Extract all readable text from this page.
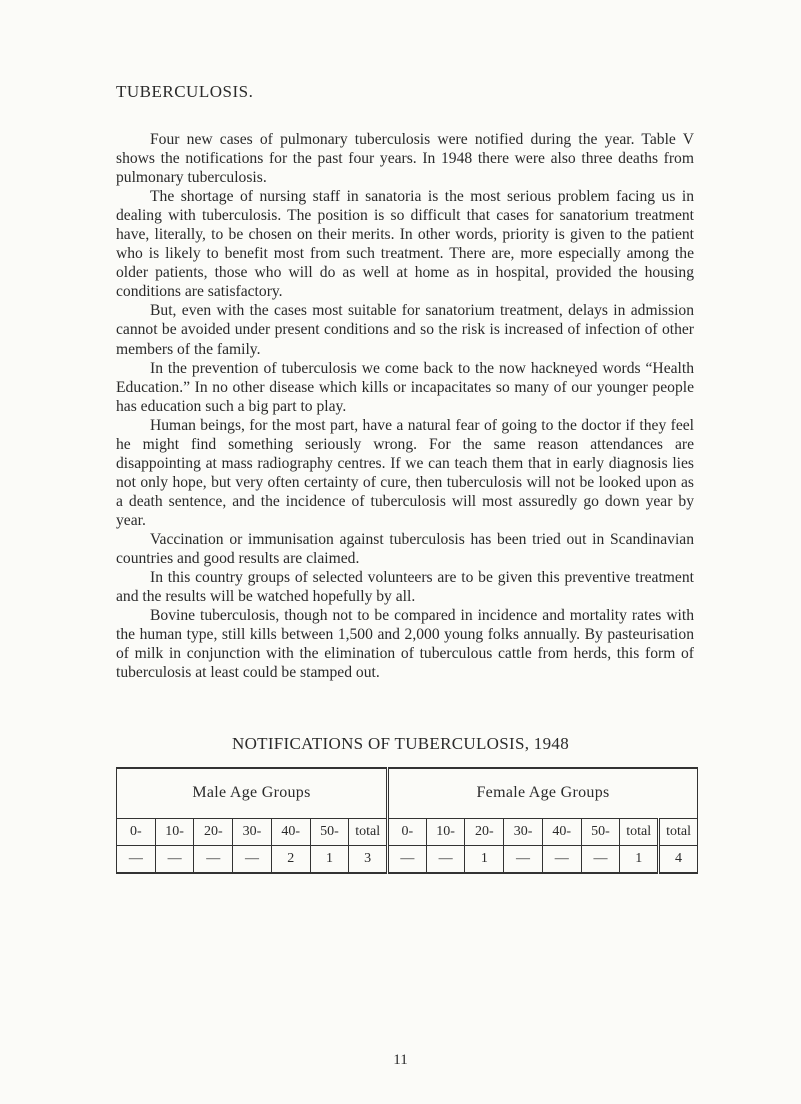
TUBERCULOSIS.

Four new cases of pulmonary tuberculosis were notified during the year. Table V shows the notifications for the past four years. In 1948 there were also three deaths from pulmonary tuberculosis.

The shortage of nursing staff in sanatoria is the most serious problem facing us in dealing with tuberculosis. The position is so difficult that cases for sanatorium treatment have, literally, to be chosen on their merits. In other words, priority is given to the patient who is likely to benefit most from such treatment. There are, more especially among the older patients, those who will do as well at home as in hospital, provided the housing conditions are satisfactory.

But, even with the cases most suitable for sanatorium treatment, delays in admission cannot be avoided under present conditions and so the risk is increased of infection of other members of the family.

In the prevention of tuberculosis we come back to the now hackneyed words “Health Education.” In no other disease which kills or incapacitates so many of our younger people has education such a big part to play.

Human beings, for the most part, have a natural fear of going to the doctor if they feel he might find something seriously wrong. For the same reason attendances are disappointing at mass radiography centres. If we can teach them that in early diagnosis lies not only hope, but very often certainty of cure, then tuberculosis will not be looked upon as a death sentence, and the incidence of tuberculosis will most assuredly go down year by year.

Vaccination or immunisation against tuberculosis has been tried out in Scandinavian countries and good results are claimed.

In this country groups of selected volunteers are to be given this preventive treatment and the results will be watched hopefully by all.

Bovine tuberculosis, though not to be compared in incidence and mortality rates with the human type, still kills between 1,500 and 2,000 young folks annually. By pasteurisation of milk in conjunction with the elimination of tuberculous cattle from herds, this form of tuberculosis at least could be stamped out.

NOTIFICATIONS OF TUBERCULOSIS, 1948
Male Age Groups							Female Age Groups							
0-	10-	20-	30-	40-	50-	total	0-	10-	20-	30-	40-	50-	total	total
—	—	—	—	2	1	3	—	—	1	—	—	—	1	4
11
